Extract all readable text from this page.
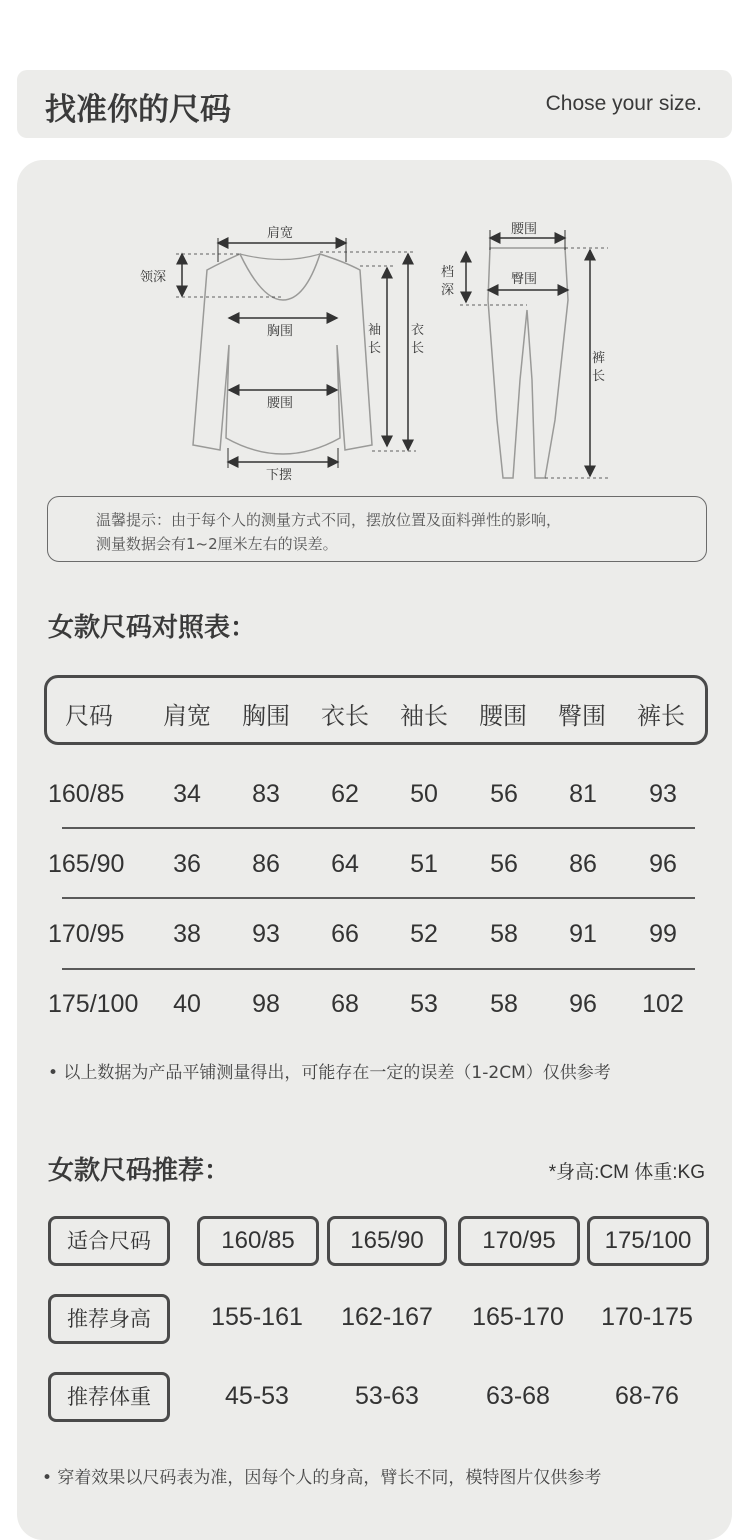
找准你的尺码	Chose your size.
肩宽
领深
胸围
腰围
下摆
袖
长
衣
长
腰围
档
深
臀围
裤
长
温馨提示：由于每个人的测量方式不同，摆放位置及面料弹性的影响，
测量数据会有1~2厘米左右的误差。
女款尺码对照表：
尺码	肩宽	胸围	衣长	袖长	腰围	臀围	裤长
160/85	34	83	62	50	56	81	93
165/90	36	86	64	51	56	86	96
170/95	38	93	66	52	58	91	99
175/100	40	98	68	53	58	96	102
• 以上数据为产品平铺测量得出，可能存在一定的误差（1-2CM）仅供参考
女款尺码推荐：	*身高:CM 体重:KG
适合尺码	160/85	165/90	170/95	175/100
推荐身高	155-161	162-167	165-170	170-175
推荐体重	45-53	53-63	63-68	68-76
• 穿着效果以尺码表为准，因每个人的身高，臂长不同，模特图片仅供参考
